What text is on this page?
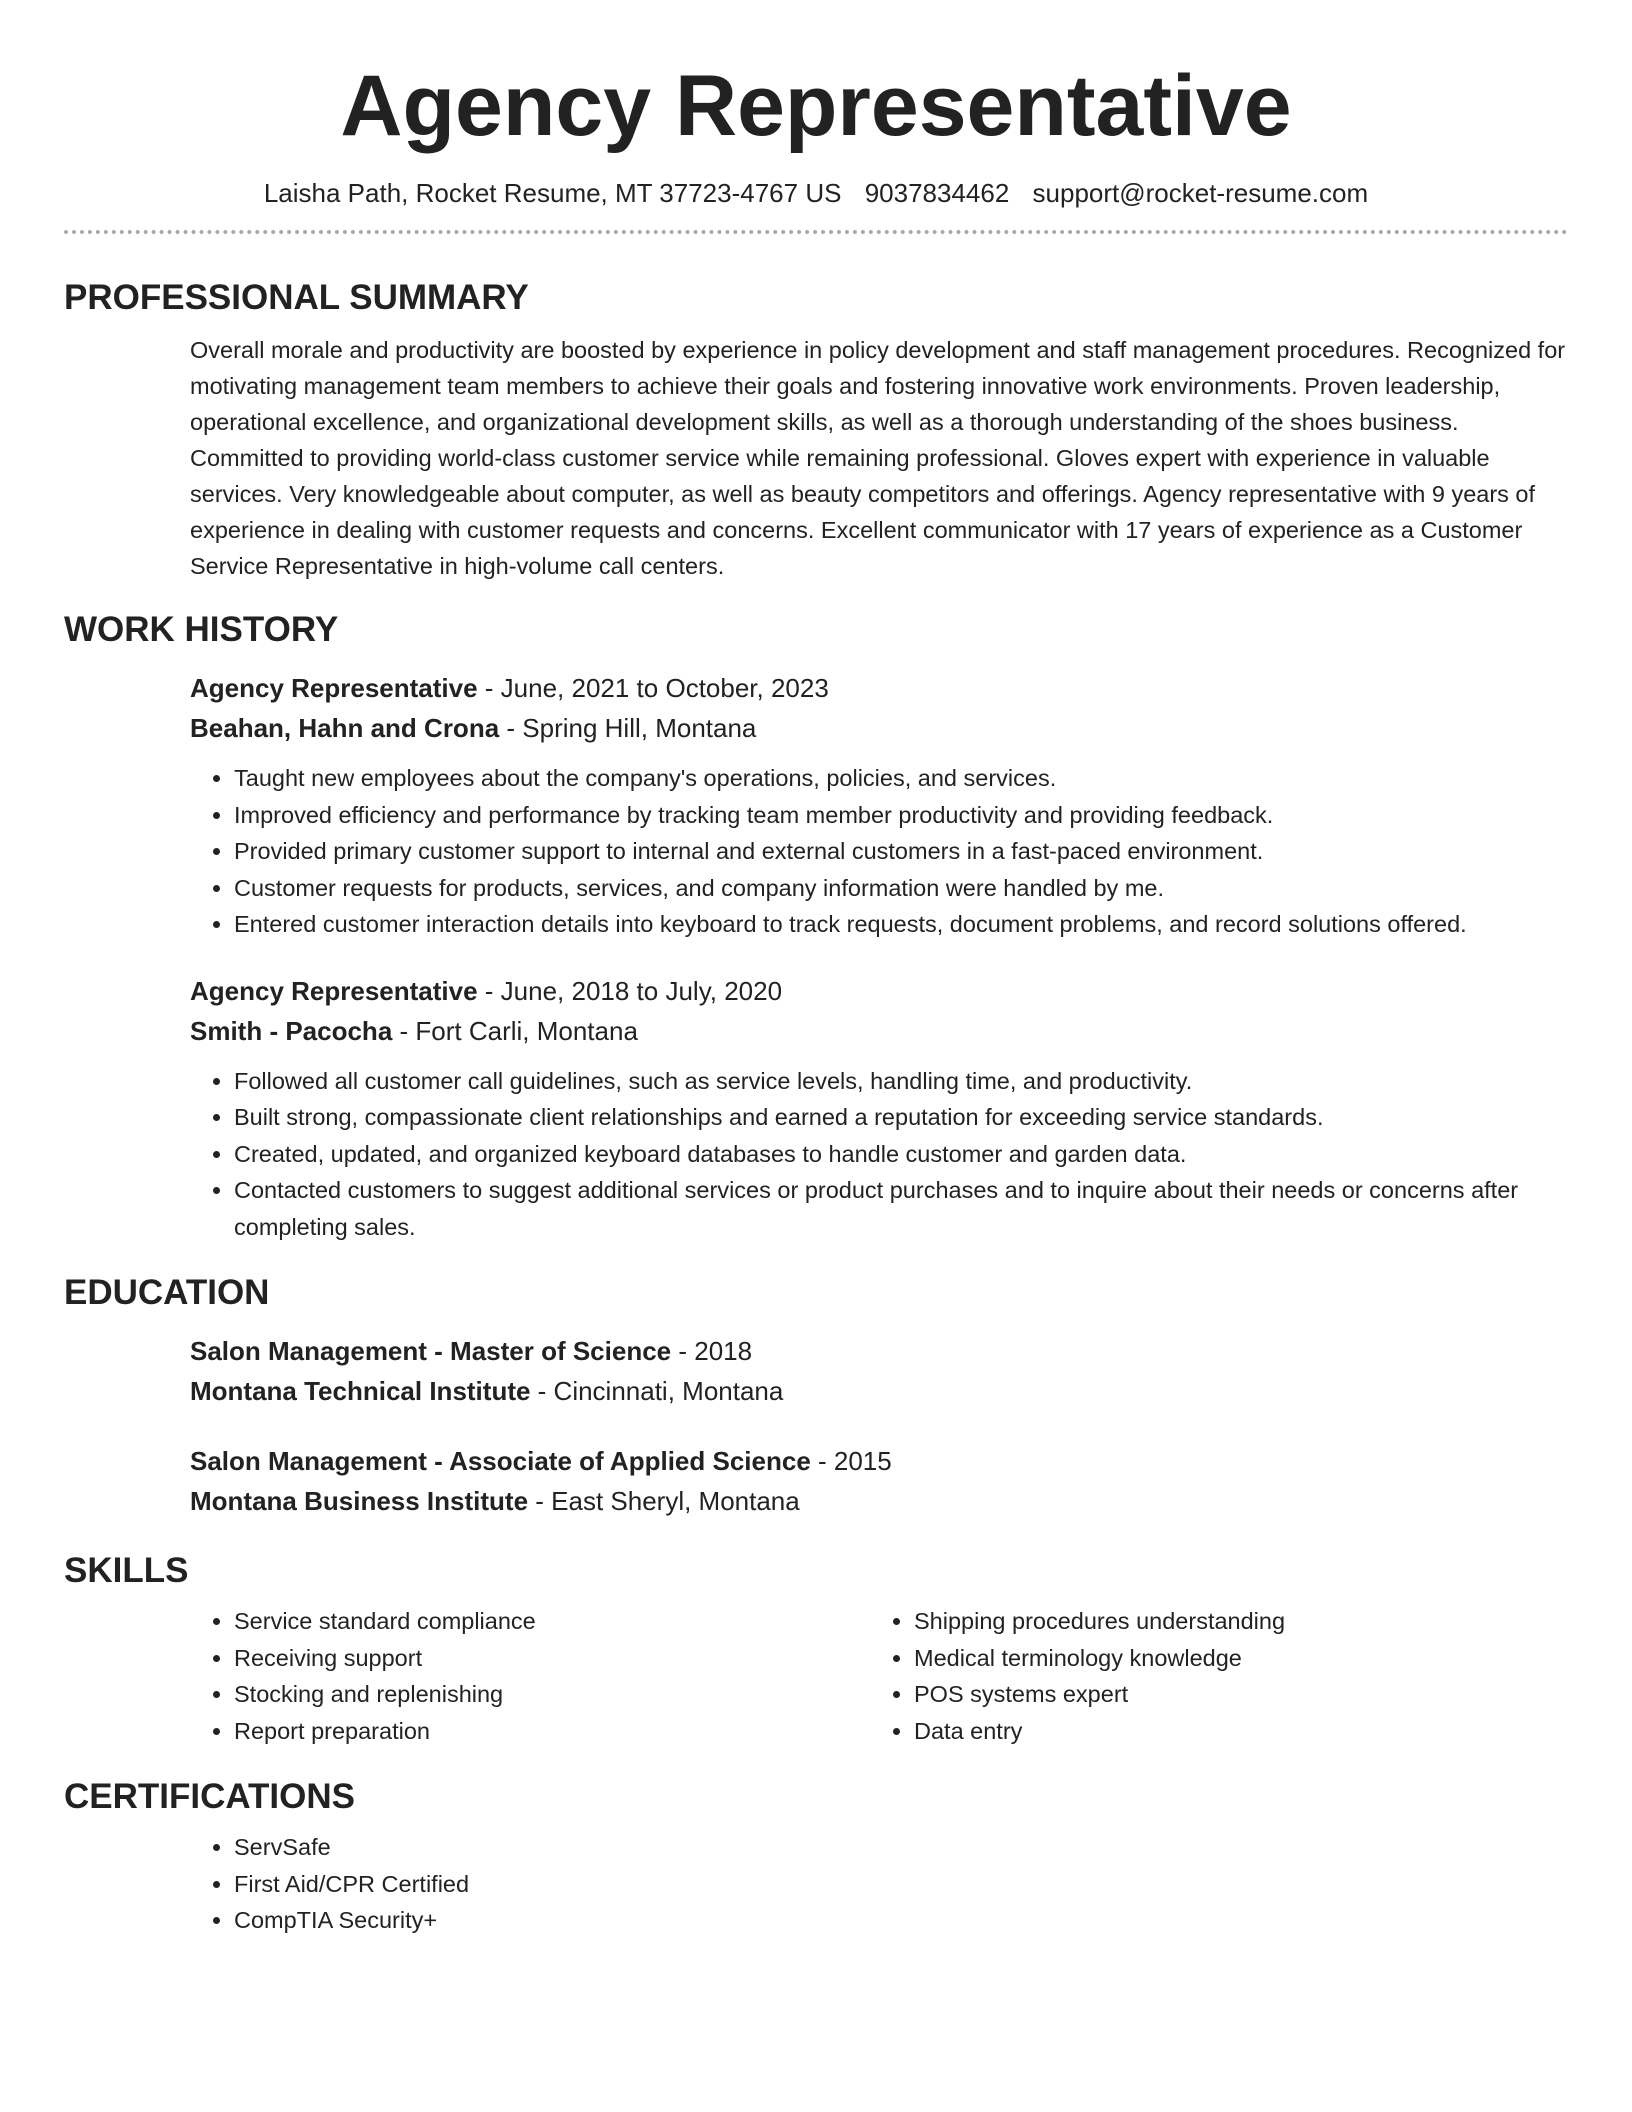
Agency Representative
Laisha Path, Rocket Resume, MT 37723-4767 US 9037834462 support@rocket-resume.com
PROFESSIONAL SUMMARY

Overall morale and productivity are boosted by experience in policy development and staff management procedures. Recognized for motivating management team members to achieve their goals and fostering innovative work environments. Proven leadership, operational excellence, and organizational development skills, as well as a thorough understanding of the shoes business. Committed to providing world-class customer service while remaining professional. Gloves expert with experience in valuable services. Very knowledgeable about computer, as well as beauty competitors and offerings. Agency representative with 9 years of experience in dealing with customer requests and concerns. Excellent communicator with 17 years of experience as a Customer Service Representative in high-volume call centers.

WORK HISTORY
Agency Representative - June, 2021 to October, 2023
Beahan, Hahn and Crona - Spring Hill, Montana
• Taught new employees about the company's operations, policies, and services.
• Improved efficiency and performance by tracking team member productivity and providing feedback.
• Provided primary customer support to internal and external customers in a fast-paced environment.
• Customer requests for products, services, and company information were handled by me.
• Entered customer interaction details into keyboard to track requests, document problems, and record solutions offered.
Agency Representative - June, 2018 to July, 2020
Smith - Pacocha - Fort Carli, Montana
• Followed all customer call guidelines, such as service levels, handling time, and productivity.
• Built strong, compassionate client relationships and earned a reputation for exceeding service standards.
• Created, updated, and organized keyboard databases to handle customer and garden data.
• Contacted customers to suggest additional services or product purchases and to inquire about their needs or concerns after completing sales.
EDUCATION
Salon Management - Master of Science - 2018
Montana Technical Institute - Cincinnati, Montana
Salon Management - Associate of Applied Science - 2015
Montana Business Institute - East Sheryl, Montana
SKILLS
• Service standard compliance
• Receiving support
• Stocking and replenishing
• Report preparation
• Shipping procedures understanding
• Medical terminology knowledge
• POS systems expert
• Data entry
CERTIFICATIONS
• ServSafe
• First Aid/CPR Certified
• CompTIA Security+
